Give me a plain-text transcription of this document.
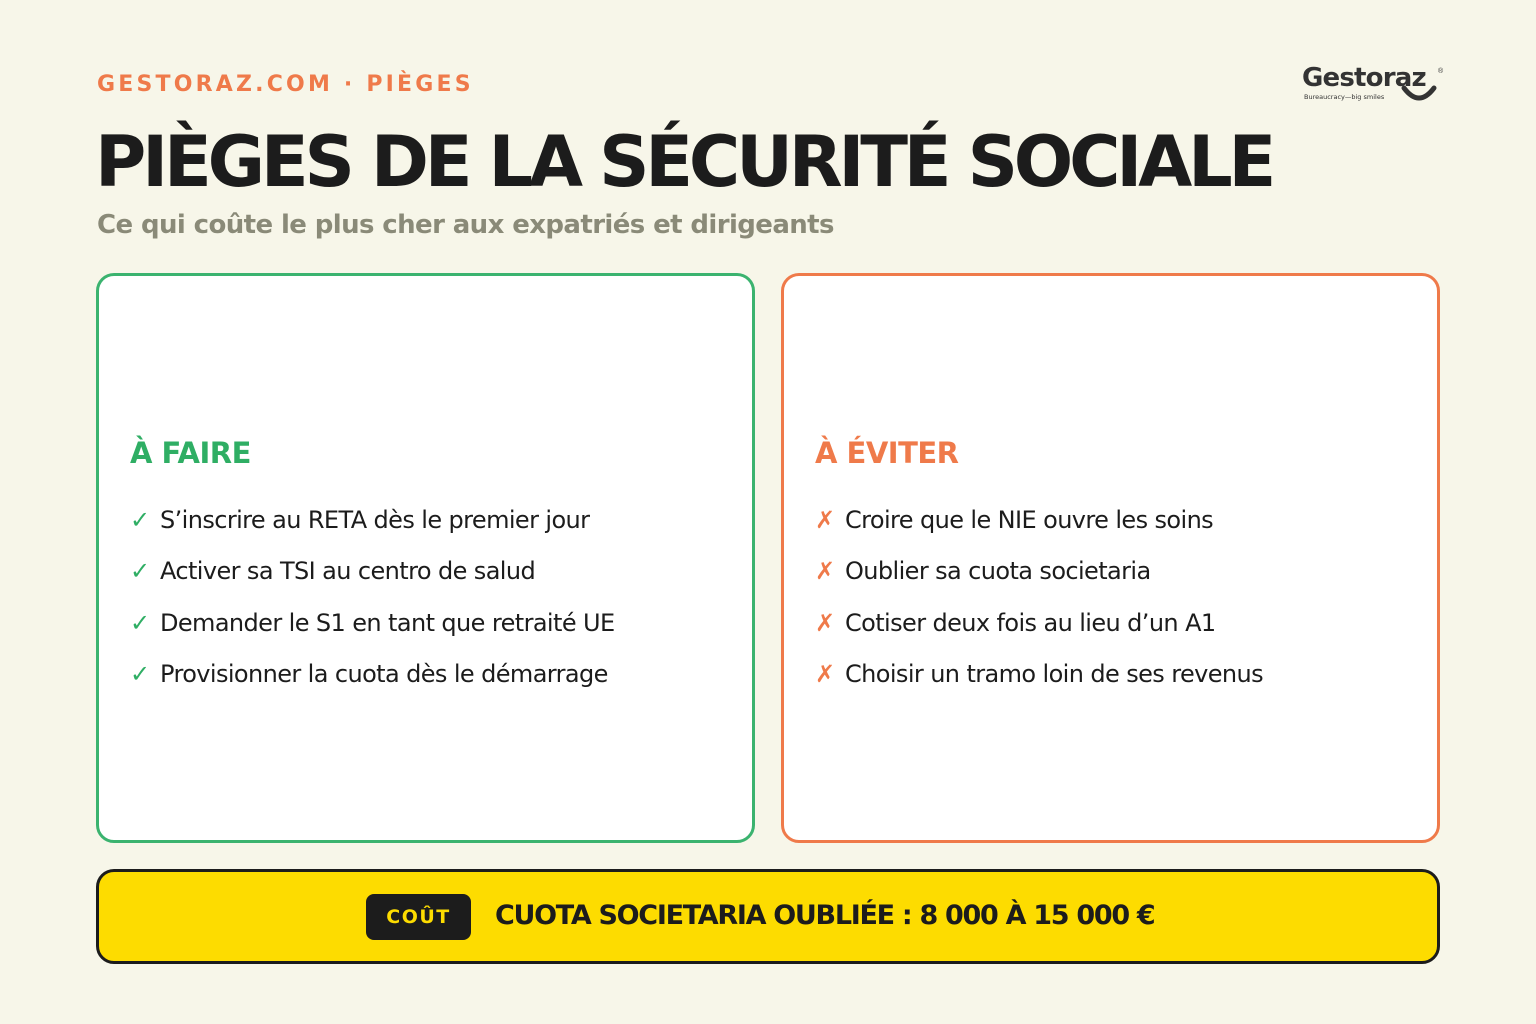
GESTORAZ.COM · PIÈGES	Gestoraz ®
Bureaucracy—big smiles
PIÈGES DE LA SÉCURITÉ SOCIALE
Ce qui coûte le plus cher aux expatriés et dirigeants
À FAIRE
✓ S’inscrire au RETA dès le premier jour
✓ Activer sa TSI au centro de salud
✓ Demander le S1 en tant que retraité UE
✓ Provisionner la cuota dès le démarrage
À ÉVITER
✗ Croire que le NIE ouvre les soins
✗ Oublier sa cuota societaria
✗ Cotiser deux fois au lieu d’un A1
✗ Choisir un tramo loin de ses revenus
COÛT	CUOTA SOCIETARIA OUBLIÉE : 8 000 À 15 000 €
